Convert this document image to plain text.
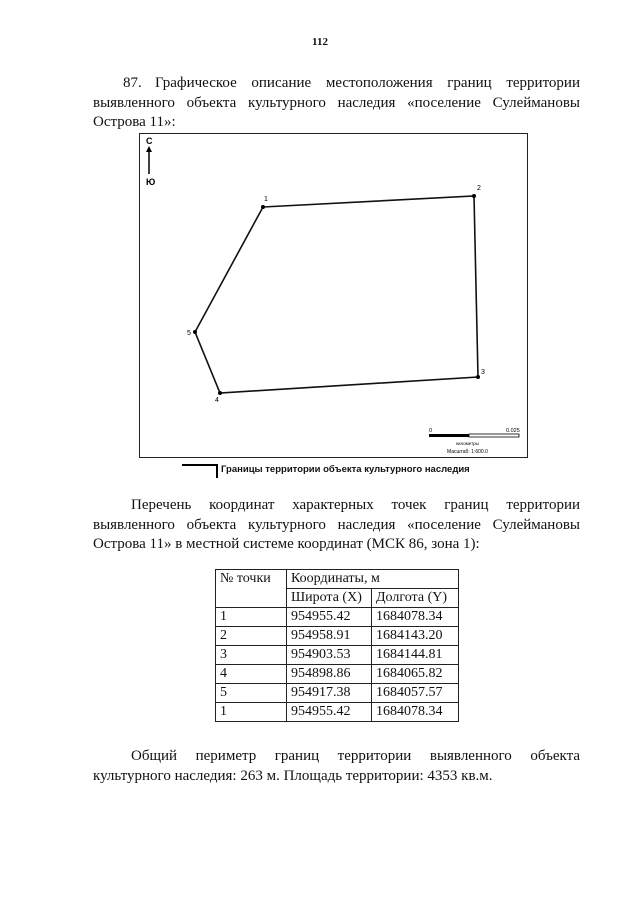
112

87. Графическое описание местоположения границ территории выявленного объекта культурного наследия «поселение Сулеймановы Острова 11»:

С
Ю
1
2
3
4
5
0	0.025
километры
Масштаб: 1:600.0
Границы территории объекта культурного наследия

Перечень координат характерных точек границ территории выявленного объекта культурного наследия «поселение Сулеймановы Острова 11» в местной системе координат (МСК 86, зона 1):

№ точки	Координаты, м	
	Широта (X)	Долгота (Y)
1	954955.42	1684078.34
2	954958.91	1684143.20
3	954903.53	1684144.81
4	954898.86	1684065.82
5	954917.38	1684057.57
1	954955.42	1684078.34

Общий периметр границ территории выявленного объекта культурного наследия: 263 м. Площадь территории: 4353 кв.м.
